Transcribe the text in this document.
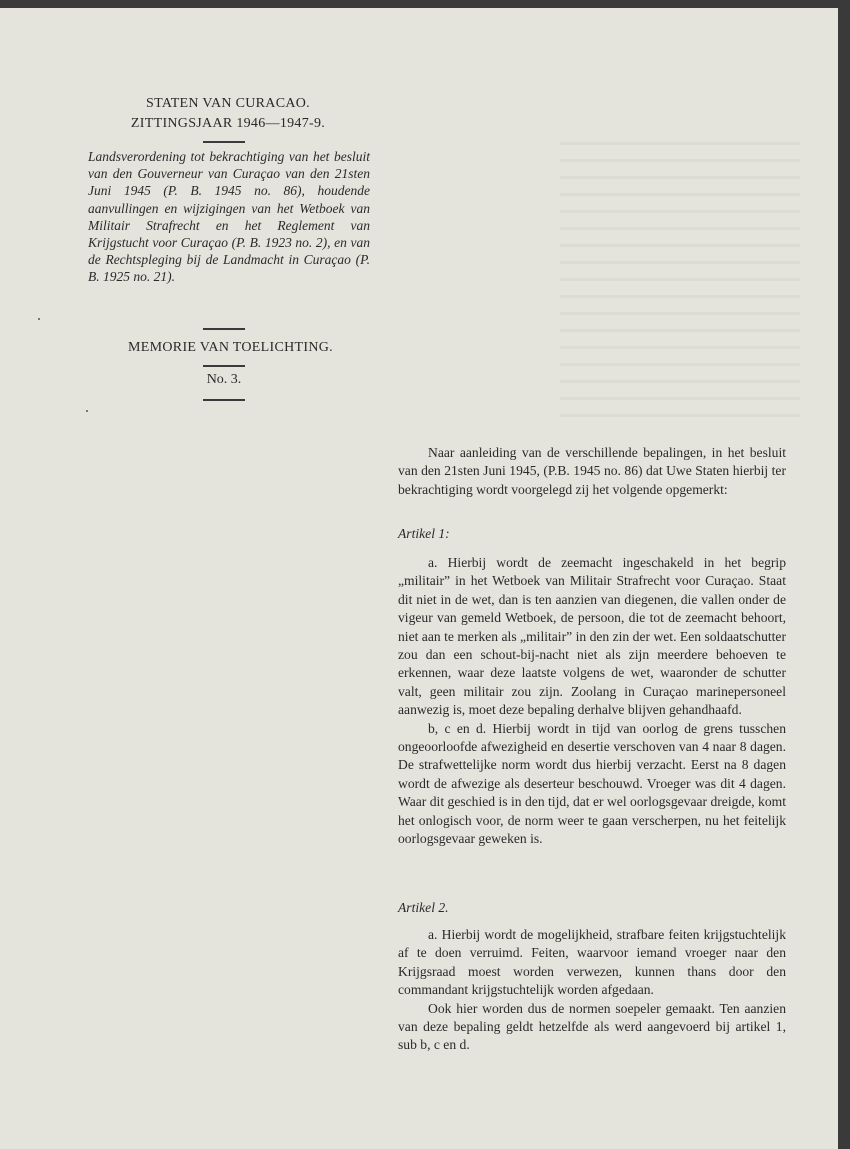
STATEN VAN CURACAO.
ZITTINGSJAAR 1946—1947-9.
Landsverordening tot bekrachtiging van het besluit van den Gouverneur van Curaçao van den 21sten Juni 1945 (P. B. 1945 no. 86), houdende aanvullingen en wijzigingen van het Wetboek van Militair Strafrecht en het Reglement van Krijgstucht voor Curaçao (P. B. 1923 no. 2), en van de Rechtspleging bij de Landmacht in Curaçao (P. B. 1925 no. 21).
MEMORIE VAN TOELICHTING.
No. 3.
Naar aanleiding van de verschillende bepalingen, in het besluit van den 21sten Juni 1945, (P.B. 1945 no. 86) dat Uwe Staten hierbij ter bekrachtiging wordt voorgelegd zij het volgende opgemerkt:
Artikel 1:

a. Hierbij wordt de zeemacht ingeschakeld in het begrip „militair” in het Wetboek van Militair Strafrecht voor Curaçao. Staat dit niet in de wet, dan is ten aanzien van diegenen, die vallen onder de vigeur van gemeld Wetboek, de persoon, die tot de zeemacht behoort, niet aan te merken als „militair” in den zin der wet. Een soldaatschutter zou dan een schout-bij-nacht niet als zijn meerdere behoeven te erkennen, waar deze laatste volgens de wet, waaronder de schutter valt, geen militair zou zijn. Zoolang in Curaçao marinepersoneel aanwezig is, moet deze bepaling derhalve blijven gehandhaafd.

b, c en d. Hierbij wordt in tijd van oorlog de grens tusschen ongeoorloofde afwezigheid en desertie verschoven van 4 naar 8 dagen. De strafwettelijke norm wordt dus hierbij verzacht. Eerst na 8 dagen wordt de afwezige als deserteur beschouwd. Vroeger was dit 4 dagen. Waar dit geschied is in den tijd, dat er wel oorlogsgevaar dreigde, komt het onlogisch voor, de norm weer te gaan verscherpen, nu het feitelijk oorlogsgevaar geweken is.

Artikel 2.

a. Hierbij wordt de mogelijkheid, strafbare feiten krijgstuchtelijk af te doen verruimd. Feiten, waarvoor iemand vroeger naar den Krijgsraad moest worden verwezen, kunnen thans door den commandant krijgstuchtelijk worden afgedaan.

Ook hier worden dus de normen soepeler gemaakt. Ten aanzien van deze bepaling geldt hetzelfde als werd aangevoerd bij artikel 1, sub b, c en d.
